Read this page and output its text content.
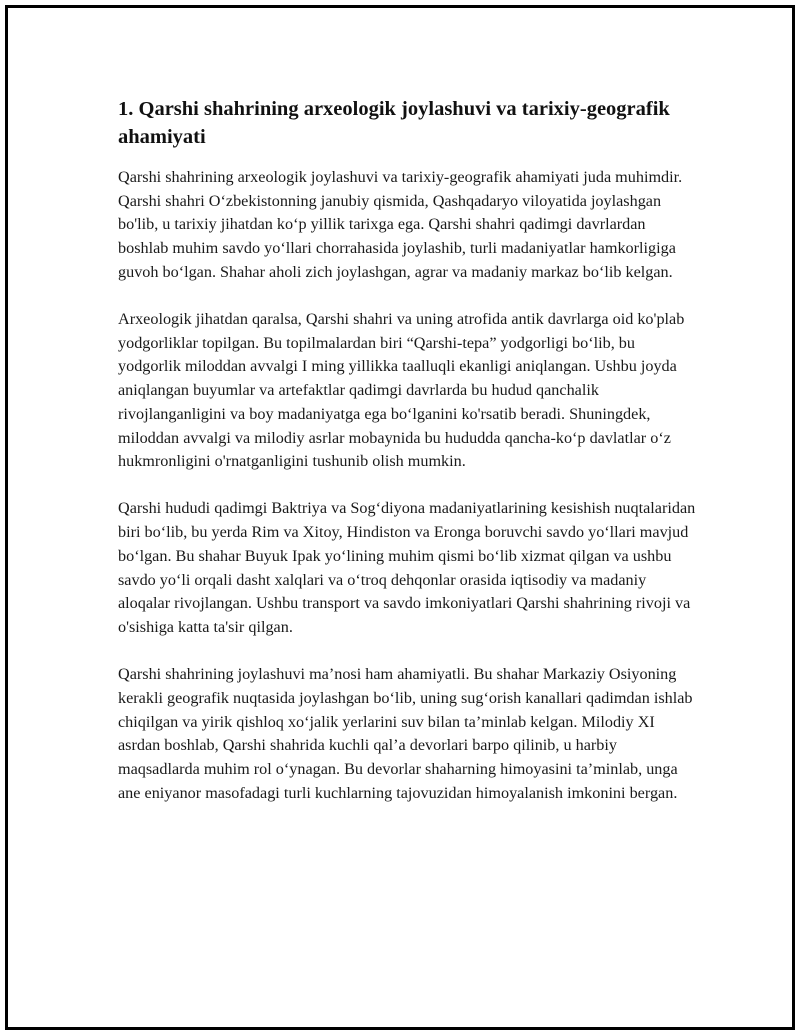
1. Qarshi shahrining arxeologik joylashuvi va tarixiy-geografik ahamiyati

Qarshi shahrining arxeologik joylashuvi va tarixiy-geografik ahamiyati juda muhimdir. Qarshi shahri O‘zbekistonning janubiy qismida, Qashqadaryo viloyatida joylashgan bo'lib, u tarixiy jihatdan ko‘p yillik tarixga ega. Qarshi shahri qadimgi davrlardan boshlab muhim savdo yo‘llari chorrahasida joylashib, turli madaniyatlar hamkorligiga guvoh bo‘lgan. Shahar aholi zich joylashgan, agrar va madaniy markaz bo‘lib kelgan.

Arxeologik jihatdan qaralsa, Qarshi shahri va uning atrofida antik davrlarga oid ko'plab yodgorliklar topilgan. Bu topilmalardan biri “Qarshi-tepa” yodgorligi bo‘lib, bu yodgorlik miloddan avvalgi I ming yillikka taalluqli ekanligi aniqlangan. Ushbu joyda aniqlangan buyumlar va artefaktlar qadimgi davrlarda bu hudud qanchalik rivojlanganligini va boy madaniyatga ega bo‘lganini ko'rsatib beradi. Shuningdek, miloddan avvalgi va milodiy asrlar mobaynida bu hududda qancha-ko‘p davlatlar o‘z hukmronligini o'rnatganligini tushunib olish mumkin.

Qarshi hududi qadimgi Baktriya va Sog‘diyona madaniyatlarining kesishish nuqtalaridan biri bo‘lib, bu yerda Rim va Xitoy, Hindiston va Eronga boruvchi savdo yo‘llari mavjud bo‘lgan. Bu shahar Buyuk Ipak yo‘lining muhim qismi bo‘lib xizmat qilgan va ushbu savdo yo‘li orqali dasht xalqlari va o‘troq dehqonlar orasida iqtisodiy va madaniy aloqalar rivojlangan. Ushbu transport va savdo imkoniyatlari Qarshi shahrining rivoji va o'sishiga katta ta'sir qilgan.

Qarshi shahrining joylashuvi ma’nosi ham ahamiyatli. Bu shahar Markaziy Osiyoning kerakli geografik nuqtasida joylashgan bo‘lib, uning sug‘orish kanallari qadimdan ishlab chiqilgan va yirik qishloq xo‘jalik yerlarini suv bilan ta’minlab kelgan. Milodiy XI asrdan boshlab, Qarshi shahrida kuchli qal’a devorlari barpo qilinib, u harbiy maqsadlarda muhim rol o‘ynagan. Bu devorlar shaharning himoyasini ta’minlab, unga ane eniyanor masofadagi turli kuchlarning tajovuzidan himoyalanish imkonini bergan.
